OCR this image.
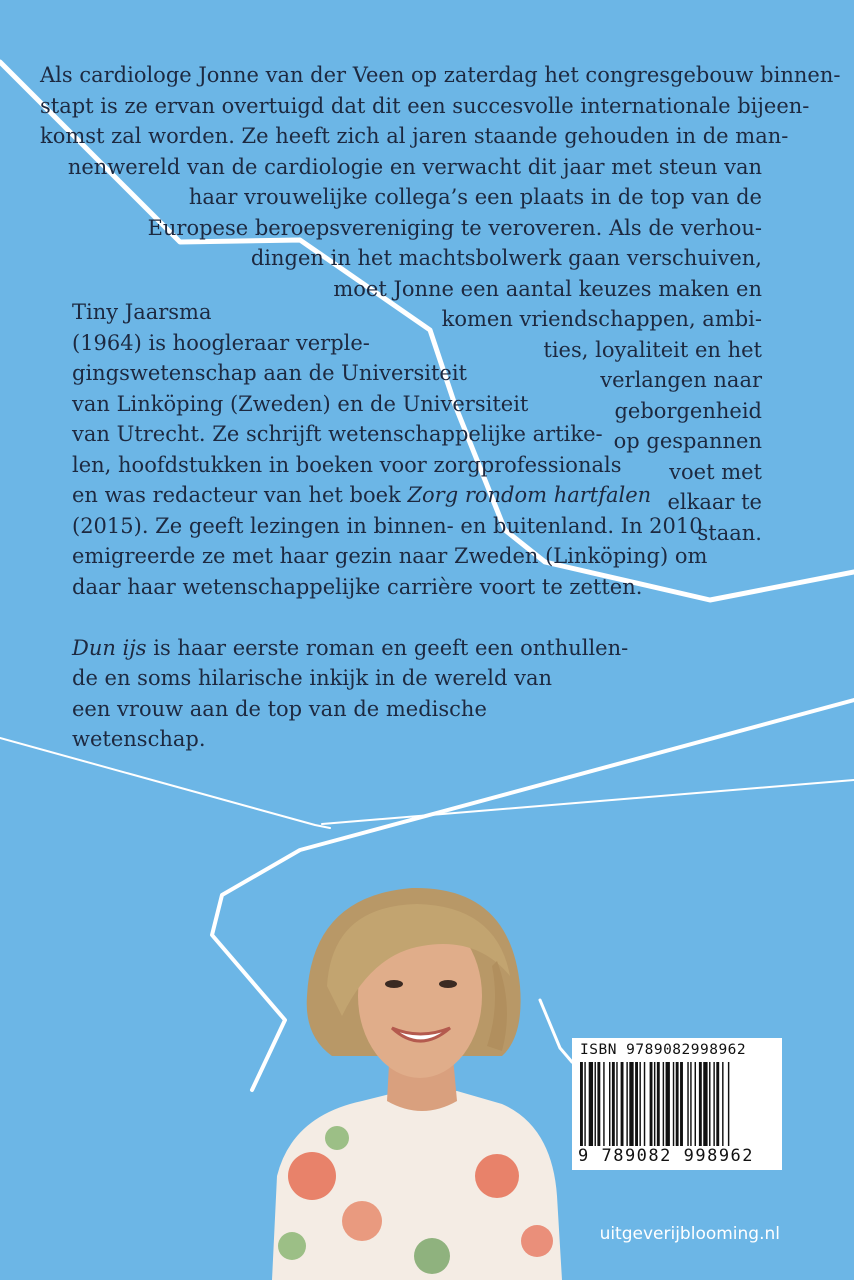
Als cardiologe Jonne van der Veen op zaterdag het congresgebouw binnen-
stapt is ze ervan overtuigd dat dit een succesvolle internationale bijeen-
komst zal worden. Ze heeft zich al jaren staande gehouden in de man-
nenwereld van de cardiologie en verwacht dit jaar met steun van
haar vrouwelijke collega’s een plaats in de top van de
Europese beroepsvereniging te veroveren. Als de verhou-
dingen in het machtsbolwerk gaan verschuiven,
moet Jonne een aantal keuzes maken en
komen vriendschappen, ambi-
ties, loyaliteit en het
verlangen naar
geborgenheid
op gespannen
voet met
elkaar te
staan.

Tiny Jaarsma
(1964) is hoogleraar verple-
gingswetenschap aan de Universiteit
van Linköping (Zweden) en de Universiteit
van Utrecht. Ze schrijft wetenschappelijke artike-
len, hoofdstukken in boeken voor zorgprofessionals
en was redacteur van het boek Zorg rondom hartfalen
(2015). Ze geeft lezingen in binnen- en buitenland. In 2010
emigreerde ze met haar gezin naar Zweden (Linköping) om
daar haar wetenschappelijke carrière voort te zetten.
Dun ijs is haar eerste roman en geeft een onthullen-
de en soms hilarische inkijk in de wereld van
een vrouw aan de top van de medische
wetenschap.

ISBN 9789082998962
9 789082 998962

uitgeverijblooming.nl
